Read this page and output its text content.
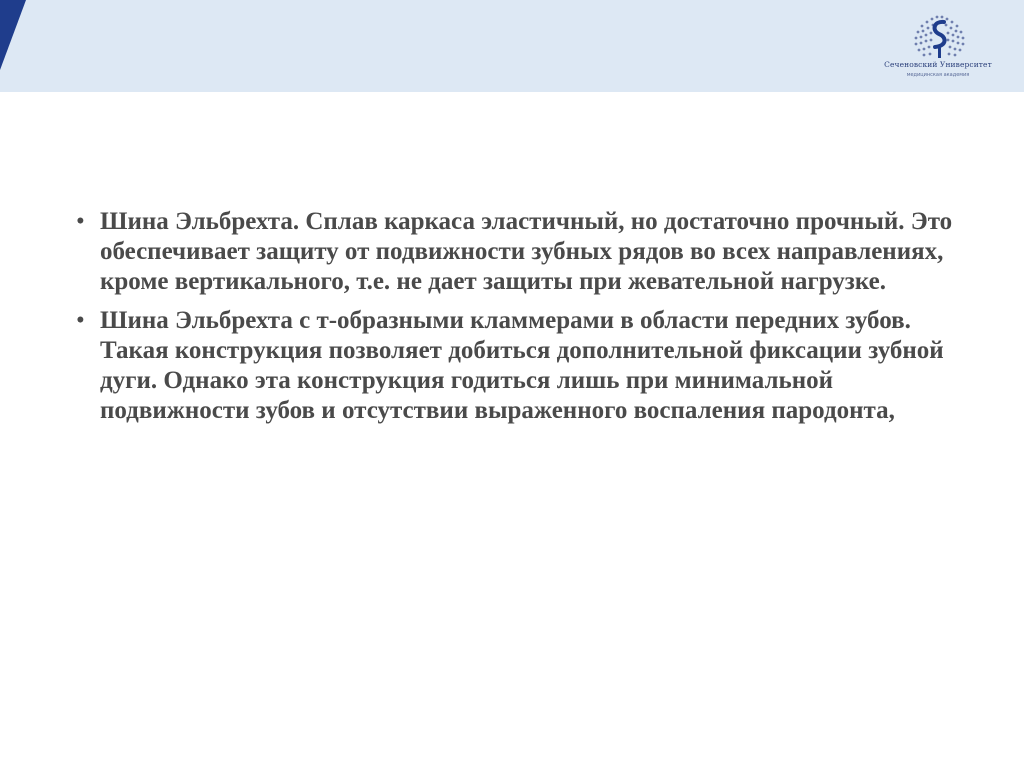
Сеченовский Университет
медицинская академия
• Шина Эльбрехта. Сплав каркаса эластичный, но достаточно прочный. Это обеспечивает защиту от подвижности зубных рядов во всех направлениях, кроме вертикального, т.е. не дает защиты при жевательной нагрузке.
• Шина Эльбрехта с т-образными кламмерами в области передних зубов. Такая конструкция позволяет добиться дополнительной фиксации зубной дуги. Однако эта конструкция годиться лишь при минимальной подвижности зубов и отсутствии выраженного воспаления пародонта,
